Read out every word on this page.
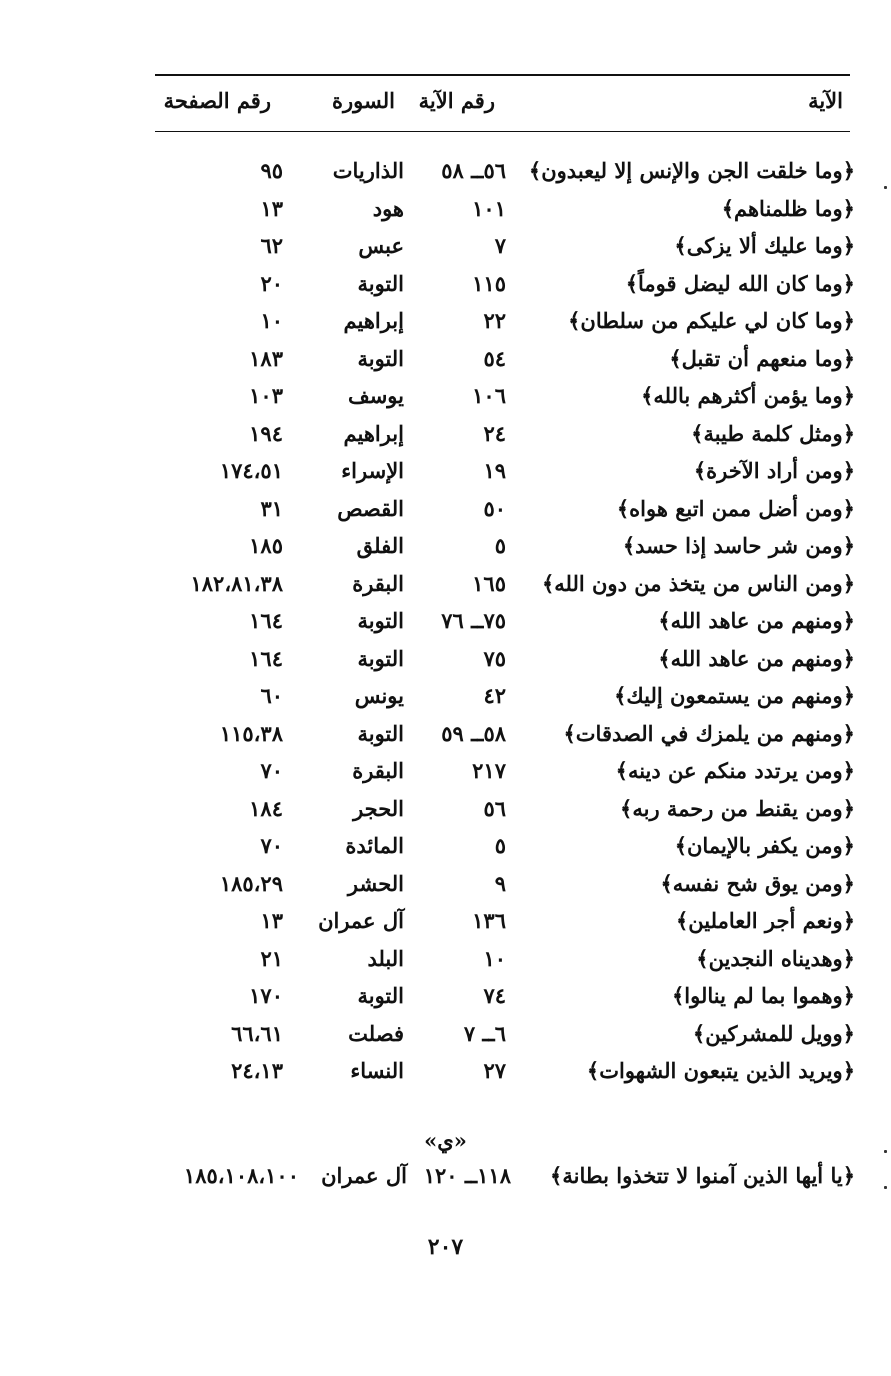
الآية
رقم الآية
السورة
رقم الصفحة
﴿وما خلقت الجن والإنس إلا ليعبدون﴾
٥٦ــ ٥٨
الذاريات
٩٥
﴿وما ظلمناهم﴾
١٠١
هود
١٣
﴿وما عليك ألا يزكى﴾
٧
عبس
٦٢
﴿وما كان الله ليضل قوماً﴾
١١٥
التوبة
٢٠
﴿وما كان لي عليكم من سلطان﴾
٢٢
إبراهيم
١٠
﴿وما منعهم أن تقبل﴾
٥٤
التوبة
١٨٣
﴿وما يؤمن أكثرهم بالله﴾
١٠٦
يوسف
١٠٣
﴿ومثل كلمة طيبة﴾
٢٤
إبراهيم
١٩٤
﴿ومن أراد الآخرة﴾
١٩
الإسراء
١٧٤،٥١
﴿ومن أضل ممن اتبع هواه﴾
٥٠
القصص
٣١
﴿ومن شر حاسد إذا حسد﴾
٥
الفلق
١٨٥
﴿ومن الناس من يتخذ من دون الله﴾
١٦٥
البقرة
١٨٢،٨١،٣٨
﴿ومنهم من عاهد الله﴾
٧٥ــ ٧٦
التوبة
١٦٤
﴿ومنهم من عاهد الله﴾
٧٥
التوبة
١٦٤
﴿ومنهم من يستمعون إليك﴾
٤٢
يونس
٦٠
﴿ومنهم من يلمزك في الصدقات﴾
٥٨ــ ٥٩
التوبة
١١٥،٣٨
﴿ومن يرتدد منكم عن دينه﴾
٢١٧
البقرة
٧٠
﴿ومن يقنط من رحمة ربه﴾
٥٦
الحجر
١٨٤
﴿ومن يكفر بالإيمان﴾
٥
المائدة
٧٠
﴿ومن يوق شح نفسه﴾
٩
الحشر
١٨٥،٢٩
﴿ونعم أجر العاملين﴾
١٣٦
آل عمران
١٣
﴿وهديناه النجدين﴾
١٠
البلد
٢١
﴿وهموا بما لم ينالوا﴾
٧٤
التوبة
١٧٠
﴿وويل للمشركين﴾
٦ــ ٧
فصلت
٦٦،٦١
﴿ويريد الذين يتبعون الشهوات﴾
٢٧
النساء
٢٤،١٣
«ي»
﴿يا أيها الذين آمنوا لا تتخذوا بطانة﴾
١١٨ــ ١٢٠
آل عمران
١٨٥،١٠٨،١٠٠
٢٠٧
